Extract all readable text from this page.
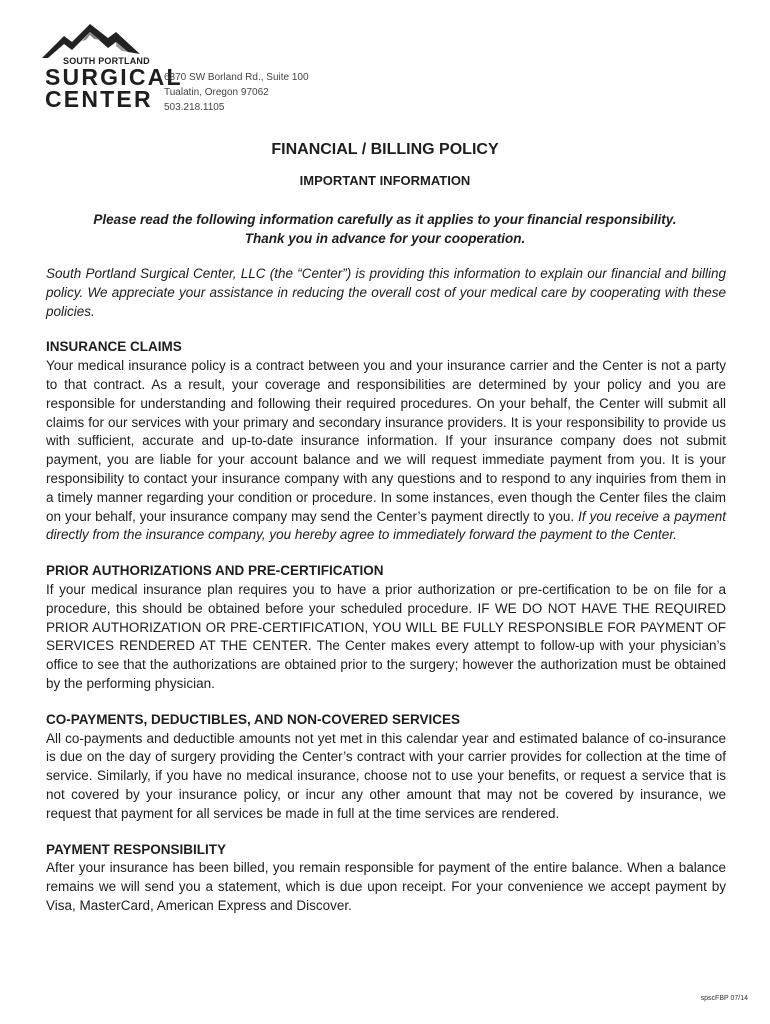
SOUTH PORTLAND
SURGICAL
CENTER
6370 SW Borland Rd., Suite 100
Tualatin, Oregon 97062
503.218.1105
FINANCIAL / BILLING POLICY
IMPORTANT INFORMATION
Please read the following information carefully as it applies to your financial responsibility.
Thank you in advance for your cooperation.

South Portland Surgical Center, LLC (the “Center”) is providing this information to explain our financial and billing policy. We appreciate your assistance in reducing the overall cost of your medical care by cooperating with these policies.

INSURANCE CLAIMS

Your medical insurance policy is a contract between you and your insurance carrier and the Center is not a party to that contract. As a result, your coverage and responsibilities are determined by your policy and you are responsible for understanding and following their required procedures. On your behalf, the Center will submit all claims for our services with your primary and secondary insurance providers. It is your responsibility to provide us with sufficient, accurate and up-to-date insurance information. If your insurance company does not submit payment, you are liable for your account balance and we will request immediate payment from you. It is your responsibility to contact your insurance company with any questions and to respond to any inquiries from them in a timely manner regarding your condition or procedure. In some instances, even though the Center files the claim on your behalf, your insurance company may send the Center’s payment directly to you. If you receive a payment directly from the insurance company, you hereby agree to immediately forward the payment to the Center.

PRIOR AUTHORIZATIONS AND PRE-CERTIFICATION

If your medical insurance plan requires you to have a prior authorization or pre-certification to be on file for a procedure, this should be obtained before your scheduled procedure. IF WE DO NOT HAVE THE REQUIRED PRIOR AUTHORIZATION OR PRE-CERTIFICATION, YOU WILL BE FULLY RESPONSIBLE FOR PAYMENT OF SERVICES RENDERED AT THE CENTER. The Center makes every attempt to follow-up with your physician’s office to see that the authorizations are obtained prior to the surgery; however the authorization must be obtained by the performing physician.

CO-PAYMENTS, DEDUCTIBLES, AND NON-COVERED SERVICES

All co-payments and deductible amounts not yet met in this calendar year and estimated balance of co-insurance is due on the day of surgery providing the Center’s contract with your carrier provides for collection at the time of service. Similarly, if you have no medical insurance, choose not to use your benefits, or request a service that is not covered by your insurance policy, or incur any other amount that may not be covered by insurance, we request that payment for all services be made in full at the time services are rendered.

PAYMENT RESPONSIBILITY

After your insurance has been billed, you remain responsible for payment of the entire balance. When a balance remains we will send you a statement, which is due upon receipt. For your convenience we accept payment by Visa, MasterCard, American Express and Discover.

spscFBP 07/14
